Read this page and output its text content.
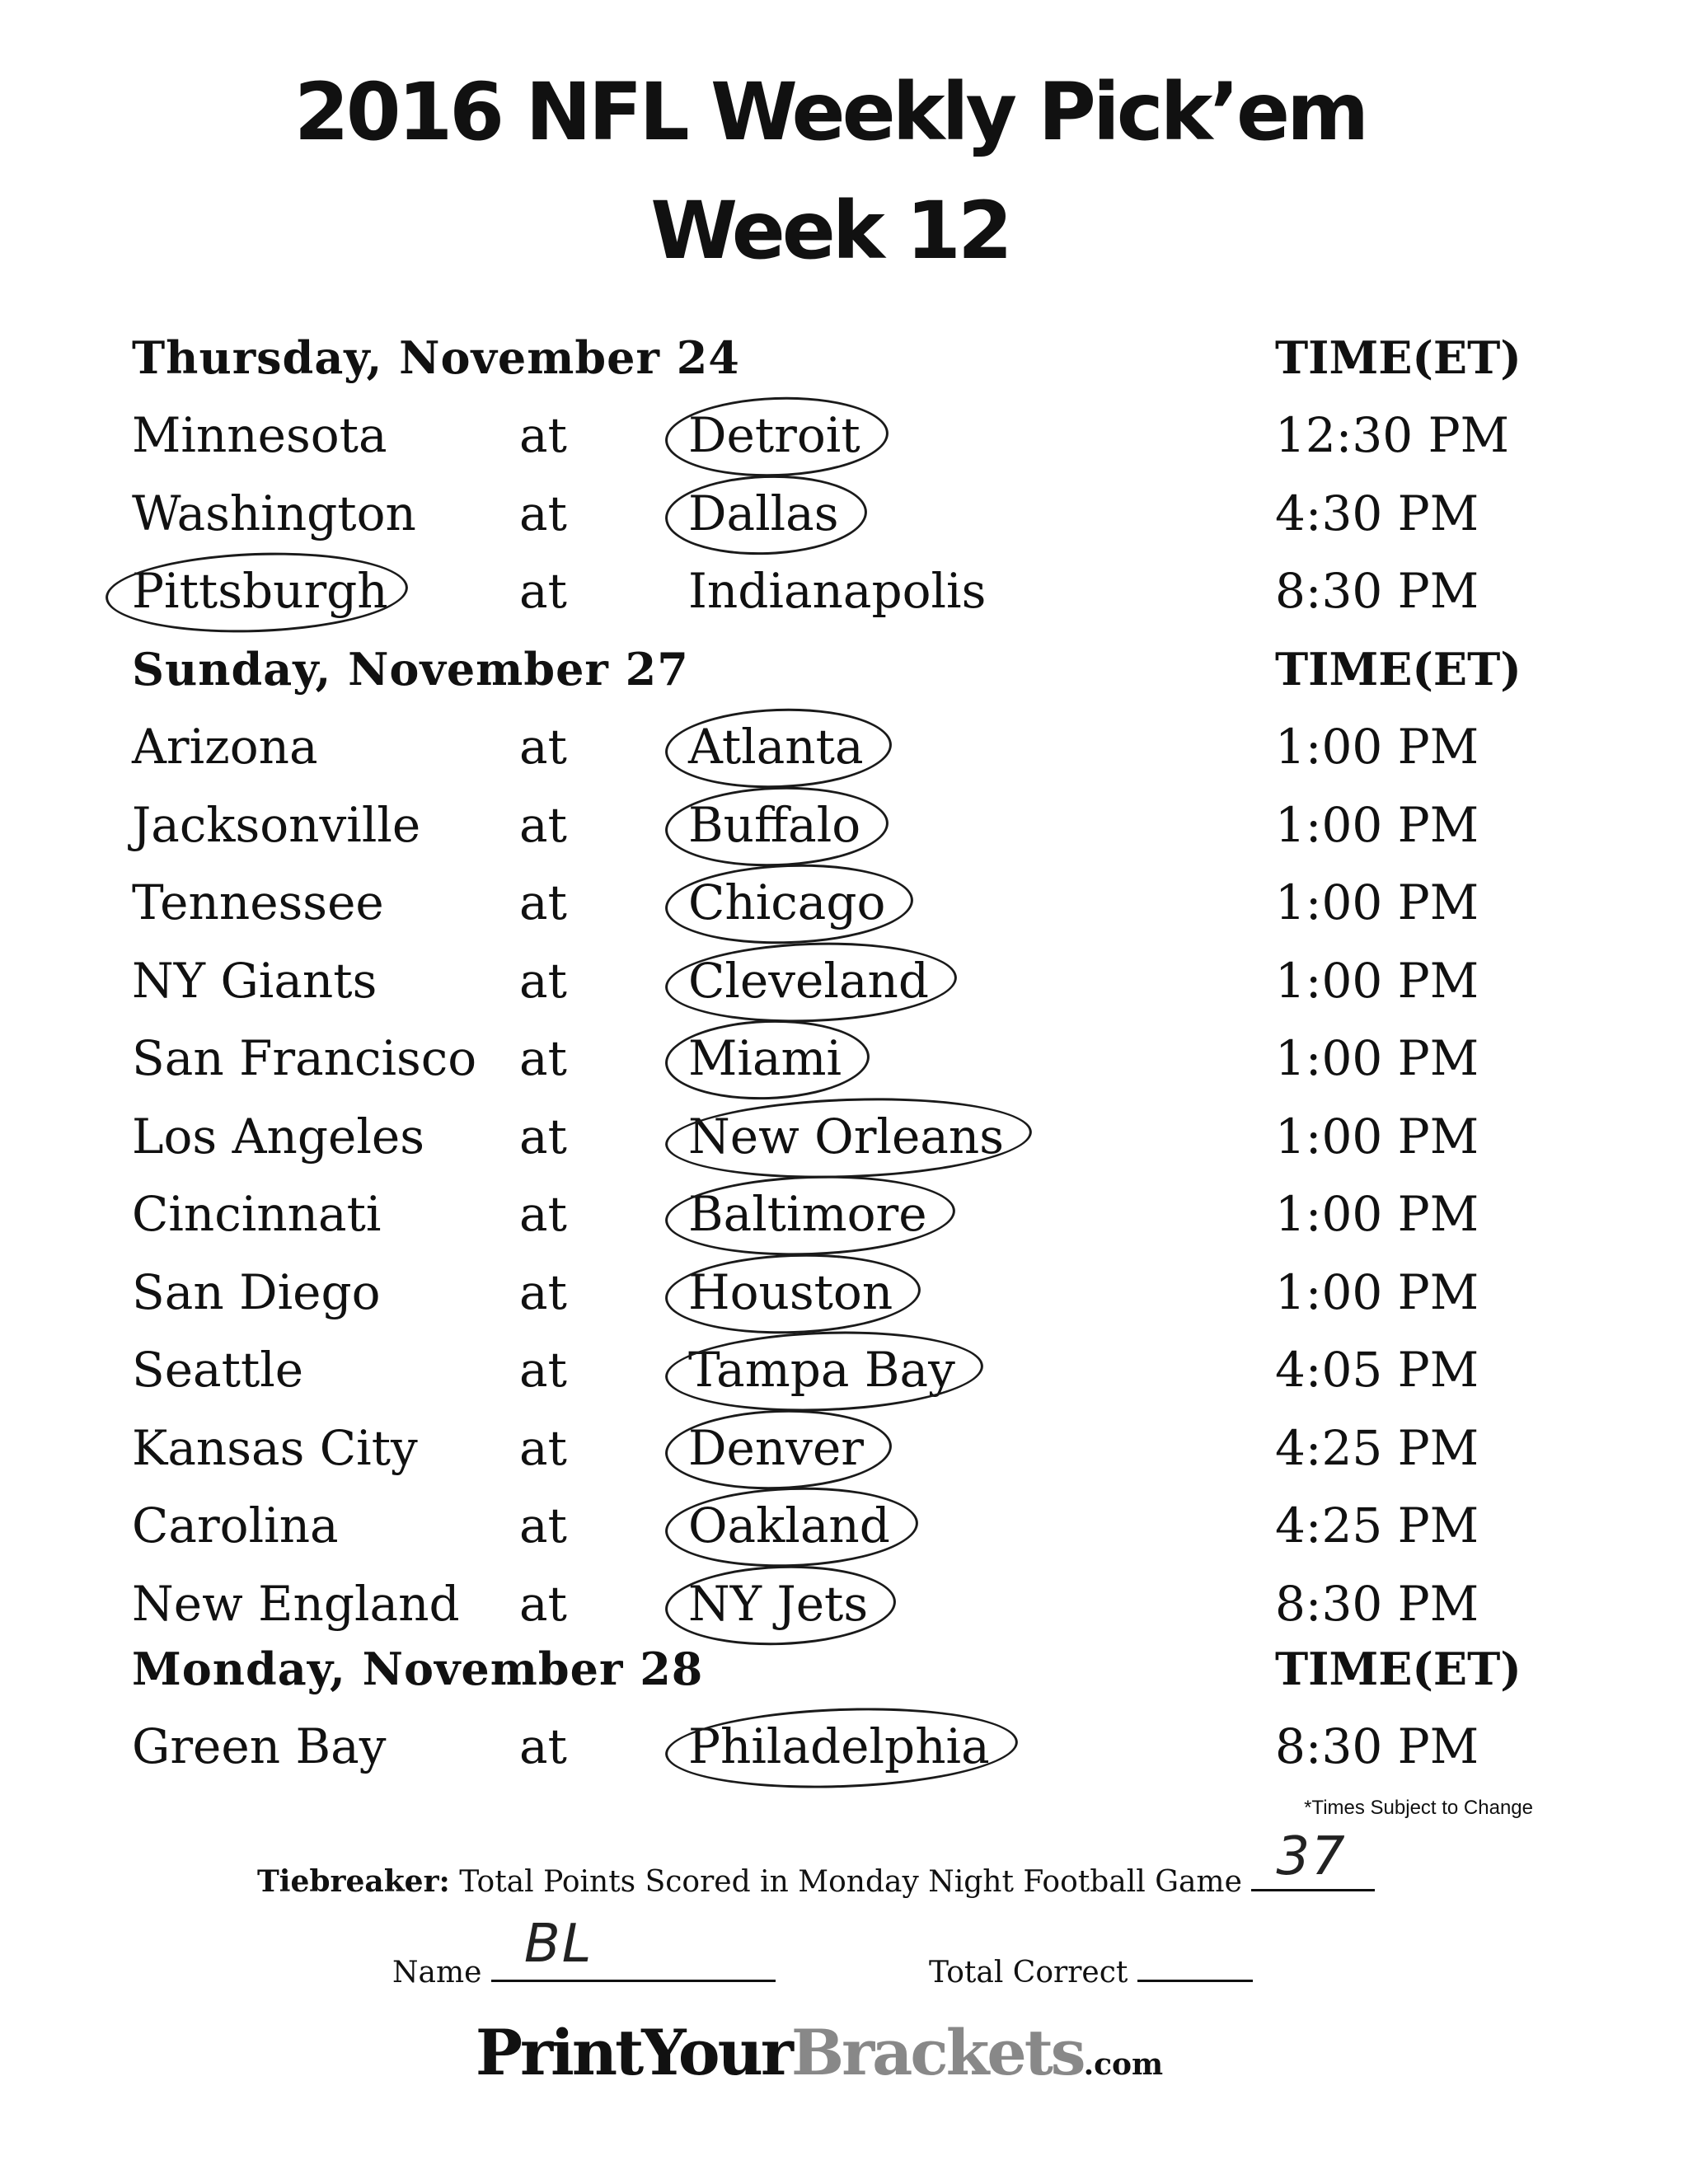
2016 NFL Weekly Pick’em
Week 12
Thursday, November 24	TIME(ET)
Minnesota	at	Detroit	12:30 PM
Washington at	Dallas	4:30 PM
Pittsburgh	at	Indianapolis	8:30 PM
Sunday, November 27	TIME(ET)
Arizona	at	Atlanta	1:00 PM
Jacksonville at	Buffalo	1:00 PM
Tennessee	at	Chicago	1:00 PM
NY Giants	at	Cleveland	1:00 PM
San Francisco at	Miami	1:00 PM
Los Angeles at	New Orleans	1:00 PM
Cincinnati	at	Baltimore	1:00 PM
San Diego	at	Houston	1:00 PM
Seattle	at	Tampa Bay	4:05 PM
Kansas City at	Denver	4:25 PM
Carolina	at	Oakland	4:25 PM
New England at	NY Jets	8:30 PM
Monday, November 28	TIME(ET)
Green Bay	at	Philadelphia	8:30 PM
*Times Subject to Change
Tiebreaker: Total Points Scored in Monday Night Football Game 37
Name BL	Total Correct
PrintYourBrackets.com
